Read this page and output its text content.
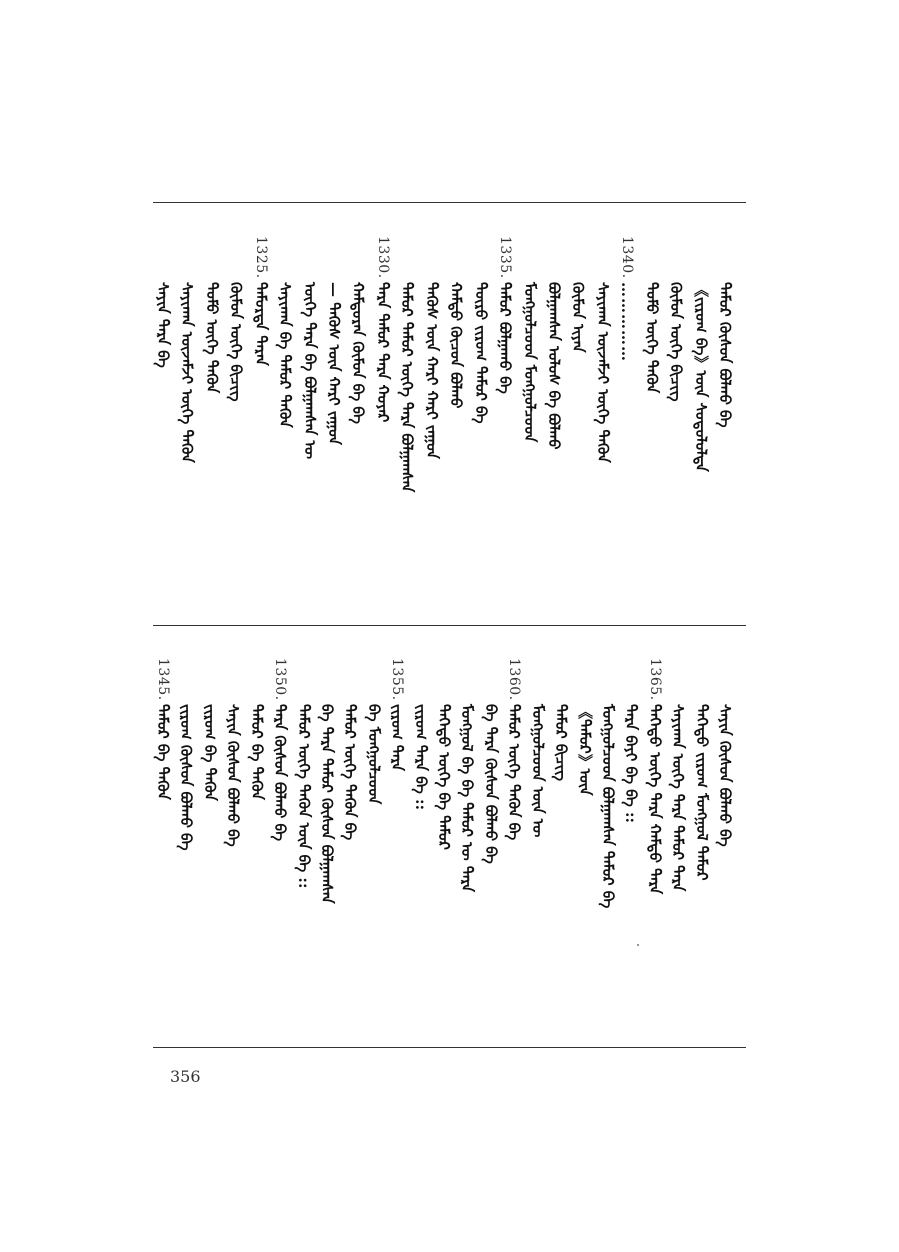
ᠲᠡᠮᠦᠷ ᠬᠦᠰᠦᠨ ᠪᠣᠯᠬᠤ ᠪᠠ
《ᠵᠢᠷᠣᠭ ᠪᠠ》ᠦᠨ ᠰᠣᠳᠤᠯᠤᠯᠳᠠ
ᠬᠦᠮᠦᠨ ᠦᠭᠡ ᠪᠢᠴᠢᠭ
ᠲᠣᠮᠣ ᠦᠭᠡ ᠲᠡᠭᠦᠨ
1340.
……………
ᠰᠠᠶᠢᠬᠠᠨ ᠦᠵᠡᠮᠵᠢ ᠦᠭᠡ ᠲᠡᠭᠦᠨ
ᠬᠦᠮᠦᠨ ᠢᠶᠡᠨ
ᠪᠣᠯᠭᠠᠭᠰᠠᠨ ᠤᠯᠤᠰ ᠪᠠ ᠪᠣᠯᠬᠤ
ᠮᠣᠩᠭᠣᠯᠴᠤᠳ ᠮᠣᠩᠭᠣᠯᠴᠤᠳ
1335.
ᠲᠡᠮᠦᠷ ᠪᠣᠯᠭᠠᠬᠤ ᠪᠠ
ᠲᠦᠷᠦ ᠵᠢᠷᠣᠭ ᠲᠡᠮᠦᠷ ᠪᠠ
ᠬᠠᠮᠲᠤ ᠬᠦᠴᠦᠨ ᠪᠣᠯᠬᠤ
ᠲᠡᠭᠦᠰ ᠦᠨ ᠬᠠᠷᠢ ᠬᠠᠷᠢ ᠵᠠᠭᠤᠨ
ᠲᠡᠮᠦᠷ ᠲᠡᠮᠦᠷ ᠦᠭᠡ ᠲᠡᠷᠡ ᠪᠣᠯᠭᠠᠭᠰᠠᠨ
1330.
ᠲᠡᠷᠡ ᠲᠡᠮᠦᠷ ᠲᠡᠷᠡ ᠬᠣᠶᠠᠷ
ᠬᠠᠮᠲᠤᠷᠠᠨ ᠬᠦᠮᠦᠨ ᠪᠠ ᠪᠠ
— ᠲᠡᠭᠦᠰ ᠦᠨ ᠬᠠᠷᠢ ᠵᠠᠭᠤᠨ
ᠦᠭᠡ ᠲᠡᠷᠡ ᠪᠠ ᠪᠣᠯᠭᠠᠭᠰᠠᠨ ᠦ
ᠰᠠᠶᠢᠬᠠᠨ ᠪᠠ ᠲᠡᠮᠦᠷ ᠲᠡᠭᠦᠨ
1325.
ᠲᠡᠮᠦᠷᠳᠡ ᠲᠡᠷᠡᠨ
ᠬᠦᠮᠦᠨ ᠦᠭᠡ ᠪᠢᠴᠢᠭ
ᠲᠣᠮᠣ ᠦᠭᠡ ᠲᠡᠭᠦᠨ
ᠰᠠᠶᠢᠬᠠᠨ ᠦᠵᠡᠮᠵᠢ ᠦᠭᠡ ᠲᠡᠭᠦᠨ
ᠰᠠᠶᠢᠨ ᠲᠡᠷᠡ ᠪᠠ
ᠰᠠᠶᠢᠨ ᠬᠦᠰᠦᠨ ᠪᠣᠯᠬᠤ ᠪᠠ
ᠳᠡᠭᠡᠳᠦ ᠵᠢᠷᠣᠭ ᠮᠣᠩᠭᠣᠯ ᠲᠡᠮᠦᠷ
ᠰᠠᠶᠢᠬᠠᠨ ᠦᠭᠡ ᠲᠡᠷᠡ ᠲᠡᠮᠦᠷ ᠲᠡᠷᠡ
1365.
ᠳᠡᠭᠡᠳᠦ ᠦᠭᠡ ᠲᠡᠷᠡ ᠬᠠᠮᠲᠤ ᠲᠡᠷᠡ
ᠲᠡᠷᠡ ᠪᠠᠶᠢ ᠪᠠ ᠪᠠ ::
ᠮᠣᠩᠭᠣᠯᠴᠤᠳ ᠪᠣᠯᠭᠠᠭᠰᠠᠨ ᠲᠡᠮᠦᠷ ᠪᠠ
《ᠲᠡᠮᠦᠷ》ᠦᠨ
ᠲᠡᠮᠦᠷ ᠪᠢᠴᠢᠭ
ᠮᠣᠩᠭᠣᠯᠴᠤᠳ ᠦᠨ ᠦ
1360.
ᠲᠡᠮᠦᠷ ᠦᠭᠡ ᠲᠡᠭᠦᠨ ᠪᠠ
ᠪᠠ ᠲᠡᠷᠡ ᠬᠦᠰᠦᠨ ᠪᠣᠯᠬᠤ ᠪᠠ
ᠮᠣᠩᠭᠣᠯ ᠪᠠ ᠪᠠ ᠲᠡᠮᠦᠷ ᠦ ᠲᠡᠷᠡ
ᠳᠡᠭᠡᠳᠦ ᠦᠭᠡ ᠪᠠ ᠲᠡᠮᠦᠷ
ᠵᠢᠷᠣᠭ ᠲᠡᠷᠡ ᠪᠠ ::
1355.
ᠵᠢᠷᠣᠭ ᠲᠡᠷᠡ
ᠪᠠ ᠮᠣᠩᠭᠣᠯᠴᠤᠳ
ᠲᠡᠮᠦᠷ ᠦᠭᠡ ᠲᠡᠭᠦᠨ ᠪᠠ
ᠪᠠ ᠲᠡᠷᠡ ᠲᠡᠮᠦᠷ ᠬᠦᠰᠦᠨ ᠪᠣᠯᠭᠠᠭᠰᠠᠨ
ᠲᠡᠮᠦᠷ ᠦᠭᠡ ᠲᠡᠭᠦᠨ ᠦᠨ ᠪᠠ ::
1350.
ᠲᠡᠷᠡ ᠬᠦᠰᠦᠨ ᠪᠣᠯᠬᠤ ᠪᠠ
ᠲᠡᠮᠦᠷ ᠪᠠ ᠲᠡᠭᠦᠨ
ᠰᠠᠶᠢᠨ ᠬᠦᠰᠦᠨ ᠪᠣᠯᠬᠤ ᠪᠠ
ᠵᠢᠷᠣᠭ ᠪᠠ ᠲᠡᠭᠦᠨ
ᠵᠢᠷᠣᠭ ᠬᠦᠰᠦᠨ ᠪᠣᠯᠬᠤ ᠪᠠ
1345.
ᠲᠡᠮᠦᠷ ᠪᠠ ᠲᠡᠭᠦᠨ
356
